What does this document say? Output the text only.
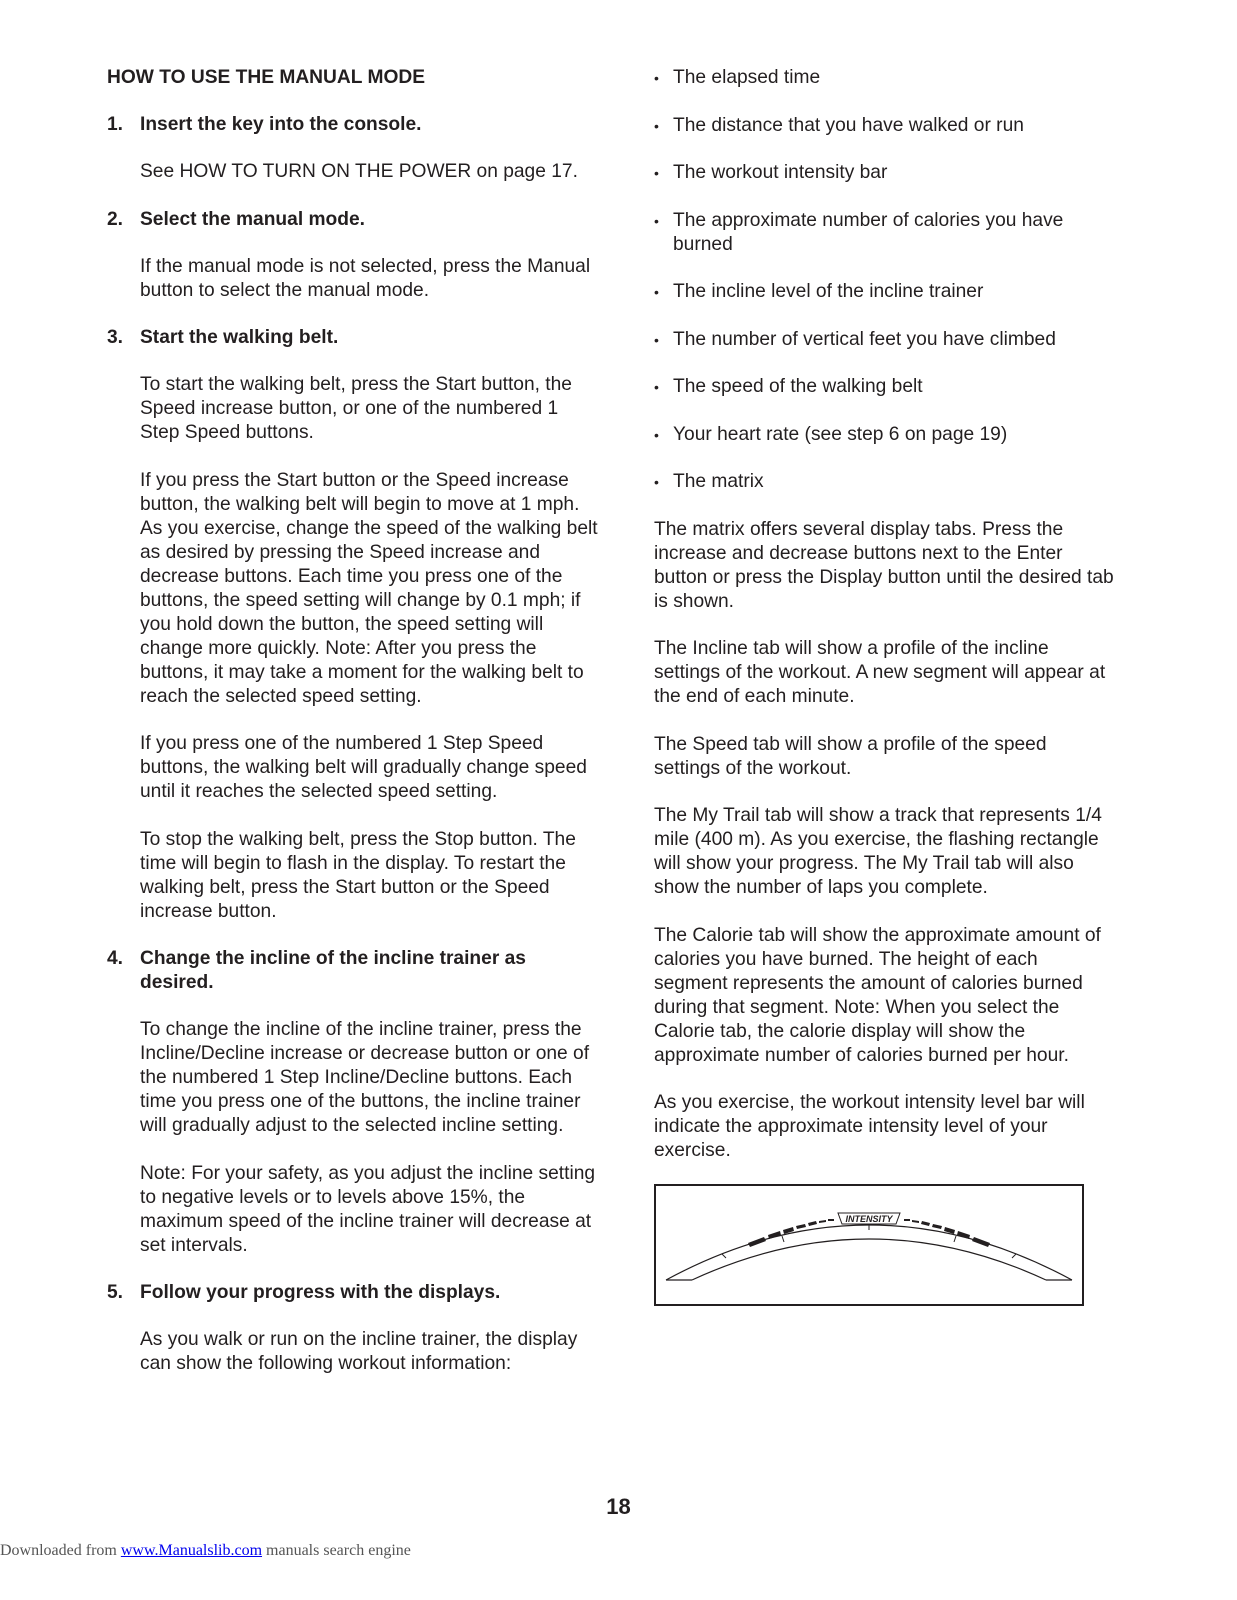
HOW TO USE THE MANUAL MODE
1. Insert the key into the console.

See HOW TO TURN ON THE POWER on page 17.

2. Select the manual mode.

If the manual mode is not selected, press the Manual button to select the manual mode.

3. Start the walking belt.

To start the walking belt, press the Start button, the Speed increase button, or one of the numbered 1 Step Speed buttons.

If you press the Start button or the Speed increase button, the walking belt will begin to move at 1 mph. As you exercise, change the speed of the walking belt as desired by pressing the Speed increase and decrease buttons. Each time you press one of the buttons, the speed setting will change by 0.1 mph; if you hold down the button, the speed setting will change more quickly. Note: After you press the buttons, it may take a moment for the walking belt to reach the selected speed setting.

If you press one of the numbered 1 Step Speed buttons, the walking belt will gradually change speed until it reaches the selected speed setting.

To stop the walking belt, press the Stop button. The time will begin to flash in the display. To restart the walking belt, press the Start button or the Speed increase button.

4. Change the incline of the incline trainer as desired.

To change the incline of the incline trainer, press the Incline/Decline increase or decrease button or one of the numbered 1 Step Incline/Decline buttons. Each time you press one of the buttons, the incline trainer will gradually adjust to the selected incline setting.

Note: For your safety, as you adjust the incline setting to negative levels or to levels above 15%, the maximum speed of the incline trainer will decrease at set intervals.

5. Follow your progress with the displays.

As you walk or run on the incline trainer, the display can show the following workout information:

• The elapsed time
• The distance that you have walked or run
• The workout intensity bar
• The approximate number of calories you have burned
• The incline level of the incline trainer
• The number of vertical feet you have climbed
• The speed of the walking belt
• Your heart rate (see step 6 on page 19)
• The matrix

The matrix offers several display tabs. Press the increase and decrease buttons next to the Enter button or press the Display button until the desired tab is shown.

The Incline tab will show a profile of the incline settings of the workout. A new segment will appear at the end of each minute.

The Speed tab will show a profile of the speed settings of the workout.

The My Trail tab will show a track that represents 1/4 mile (400 m). As you exercise, the flashing rectangle will show your progress. The My Trail tab will also show the number of laps you complete.

The Calorie tab will show the approximate amount of calories you have burned. The height of each segment represents the amount of calories burned during that segment. Note: When you select the Calorie tab, the calorie display will show the approximate number of calories burned per hour.

As you exercise, the workout intensity level bar will indicate the approximate intensity level of your exercise.

INTENSITY
18
Downloaded from www.Manualslib.com manuals search engine
